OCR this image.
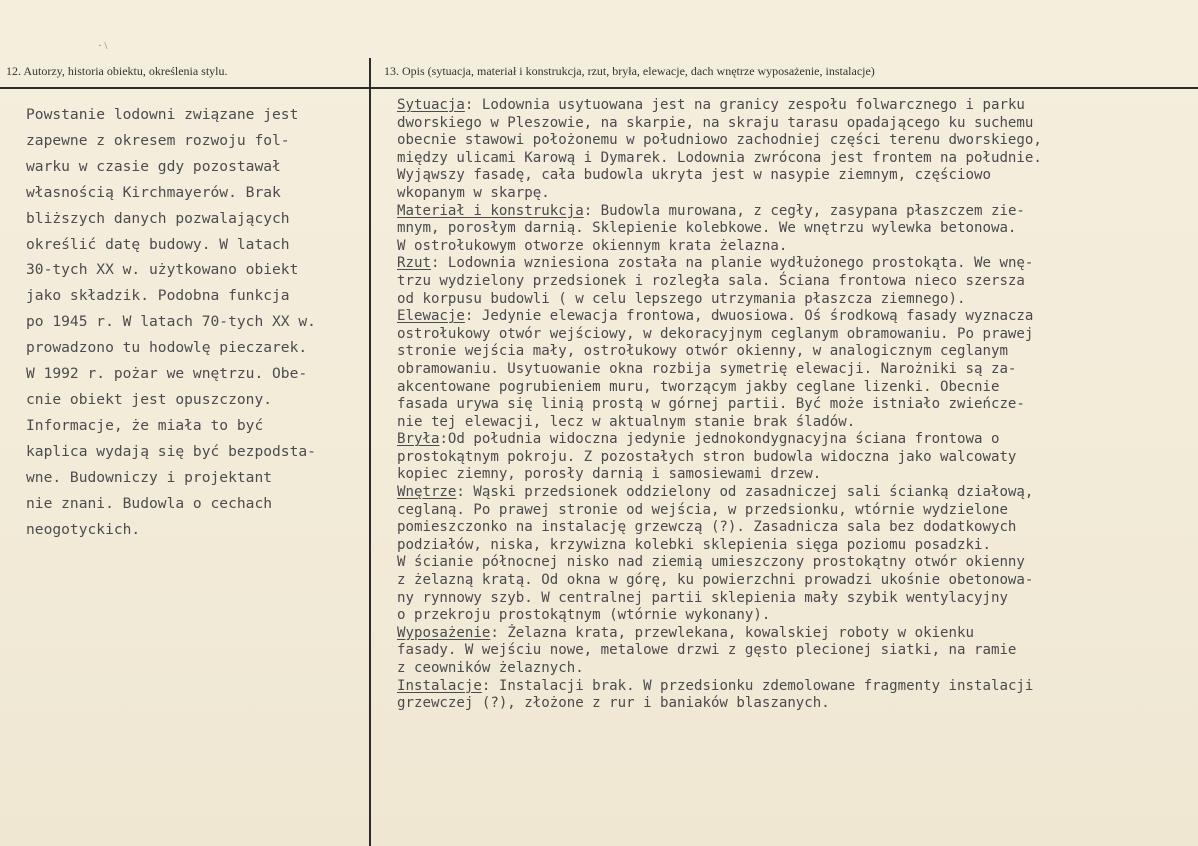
· \
12. Autorzy, historia obiektu, określenia stylu.	13. Opis (sytuacja, materiał i konstrukcja, rzut, bryła, elewacje, dach wnętrze wyposażenie, instalacje)
Powstanie lodowni związane jest
zapewne z okresem rozwoju fol-
warku w czasie gdy pozostawał
własnością Kirchmayerów. Brak
bliższych danych pozwalających
określić datę budowy. W latach
30-tych XX w. użytkowano obiekt
jako składzik. Podobna funkcja
po 1945 r. W latach 70-tych XX w.
prowadzono tu hodowlę pieczarek.
W 1992 r. pożar we wnętrzu. Obe-
cnie obiekt jest opuszczony.
Informacje, że miała to być
kaplica wydają się być bezpodsta-
wne. Budowniczy i projektant
nie znani. Budowla o cechach
neogotyckich.
Sytuacja: Lodownia usytuowana jest na granicy zespołu folwarcznego i parku
dworskiego w Pleszowie, na skarpie, na skraju tarasu opadającego ku suchemu
obecnie stawowi położonemu w południowo zachodniej części terenu dworskiego,
między ulicami Karową i Dymarek. Lodownia zwrócona jest frontem na południe.
Wyjąwszy fasadę, cała budowla ukryta jest w nasypie ziemnym, częściowo
wkopanym w skarpę.
Materiał i konstrukcja: Budowla murowana, z cegły, zasypana płaszczem zie-
mnym, porosłym darnią. Sklepienie kolebkowe. We wnętrzu wylewka betonowa.
W ostrołukowym otworze okiennym krata żelazna.
Rzut: Lodownia wzniesiona została na planie wydłużonego prostokąta. We wnę-
trzu wydzielony przedsionek i rozległa sala. Ściana frontowa nieco szersza
od korpusu budowli ( w celu lepszego utrzymania płaszcza ziemnego).
Elewacje: Jedynie elewacja frontowa, dwuosiowa. Oś środkową fasady wyznacza
ostrołukowy otwór wejściowy, w dekoracyjnym ceglanym obramowaniu. Po prawej
stronie wejścia mały, ostrołukowy otwór okienny, w analogicznym ceglanym
obramowaniu. Usytuowanie okna rozbija symetrię elewacji. Narożniki są za-
akcentowane pogrubieniem muru, tworzącym jakby ceglane lizenki. Obecnie
fasada urywa się linią prostą w górnej partii. Być może istniało zwieńcze-
nie tej elewacji, lecz w aktualnym stanie brak śladów.
Bryła:Od południa widoczna jedynie jednokondygnacyjna ściana frontowa o
prostokątnym pokroju. Z pozostałych stron budowla widoczna jako walcowaty
kopiec ziemny, porosły darnią i samosiewami drzew.
Wnętrze: Wąski przedsionek oddzielony od zasadniczej sali ścianką działową,
ceglaną. Po prawej stronie od wejścia, w przedsionku, wtórnie wydzielone
pomieszczonko na instalację grzewczą (?). Zasadnicza sala bez dodatkowych
podziałów, niska, krzywizna kolebki sklepienia sięga poziomu posadzki.
W ścianie północnej nisko nad ziemią umieszczony prostokątny otwór okienny
z żelazną kratą. Od okna w górę, ku powierzchni prowadzi ukośnie obetonowa-
ny rynnowy szyb. W centralnej partii sklepienia mały szybik wentylacyjny
o przekroju prostokątnym (wtórnie wykonany).
Wyposażenie: Żelazna krata, przewlekana, kowalskiej roboty w okienku
fasady. W wejściu nowe, metalowe drzwi z gęsto plecionej siatki, na ramie
z ceowników żelaznych.
Instalacje: Instalacji brak. W przedsionku zdemolowane fragmenty instalacji
grzewczej (?), złożone z rur i baniaków blaszanych.
